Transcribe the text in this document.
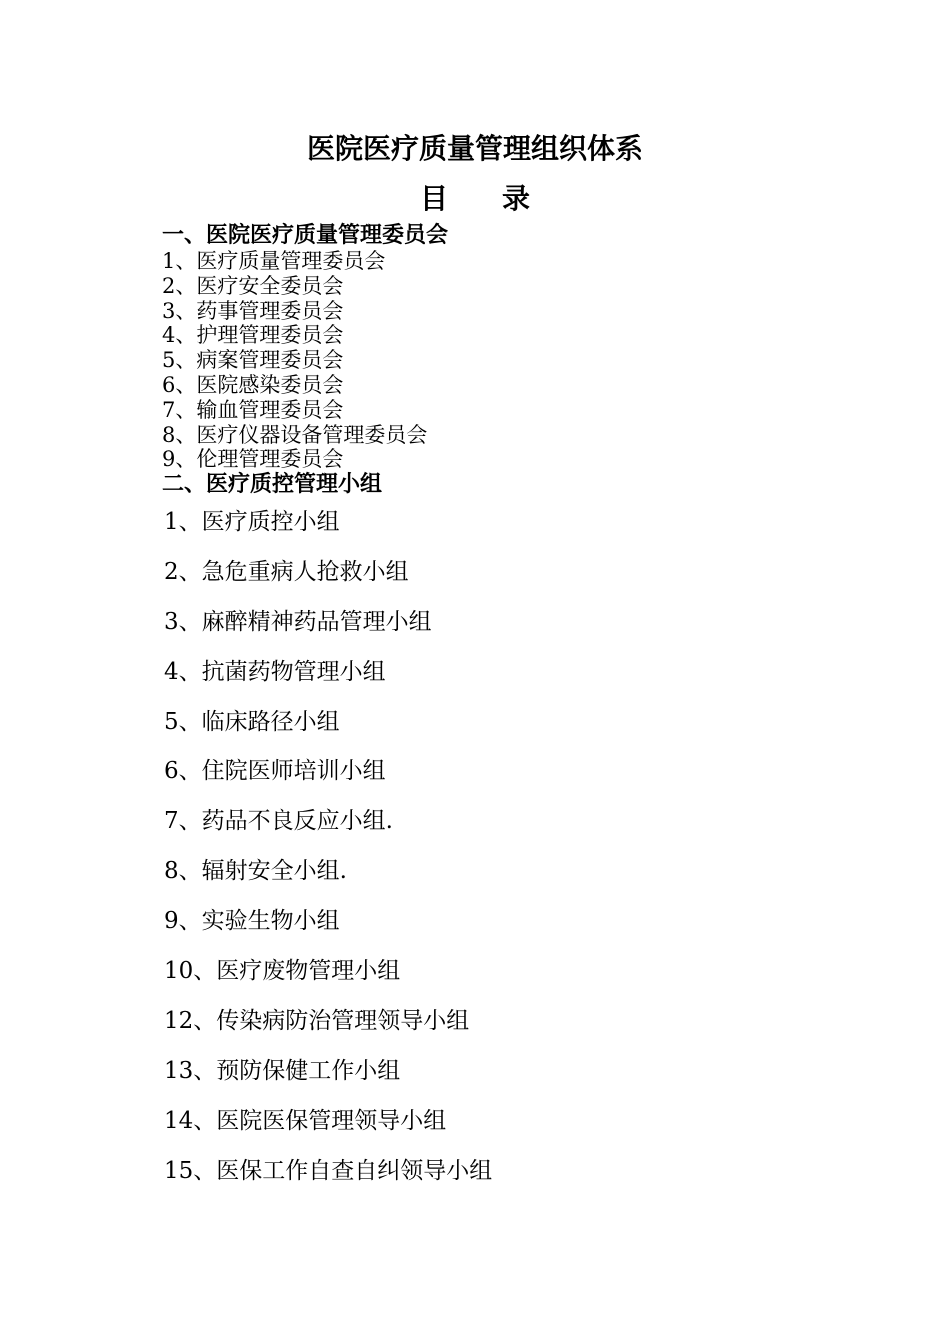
医院医疗质量管理组织体系
目 录
一、医院医疗质量管理委员会
1、医疗质量管理委员会
2、医疗安全委员会
3、药事管理委员会
4、护理管理委员会
5、病案管理委员会
6、医院感染委员会
7、输血管理委员会
8、医疗仪器设备管理委员会
9、伦理管理委员会
二、医疗质控管理小组
1、医疗质控小组
2、急危重病人抢救小组
3、麻醉精神药品管理小组
4、抗菌药物管理小组
5、临床路径小组
6、住院医师培训小组
7、药品不良反应小组.
8、辐射安全小组.
9、实验生物小组
10、医疗废物管理小组
12、传染病防治管理领导小组
13、预防保健工作小组
14、医院医保管理领导小组
15、医保工作自查自纠领导小组
